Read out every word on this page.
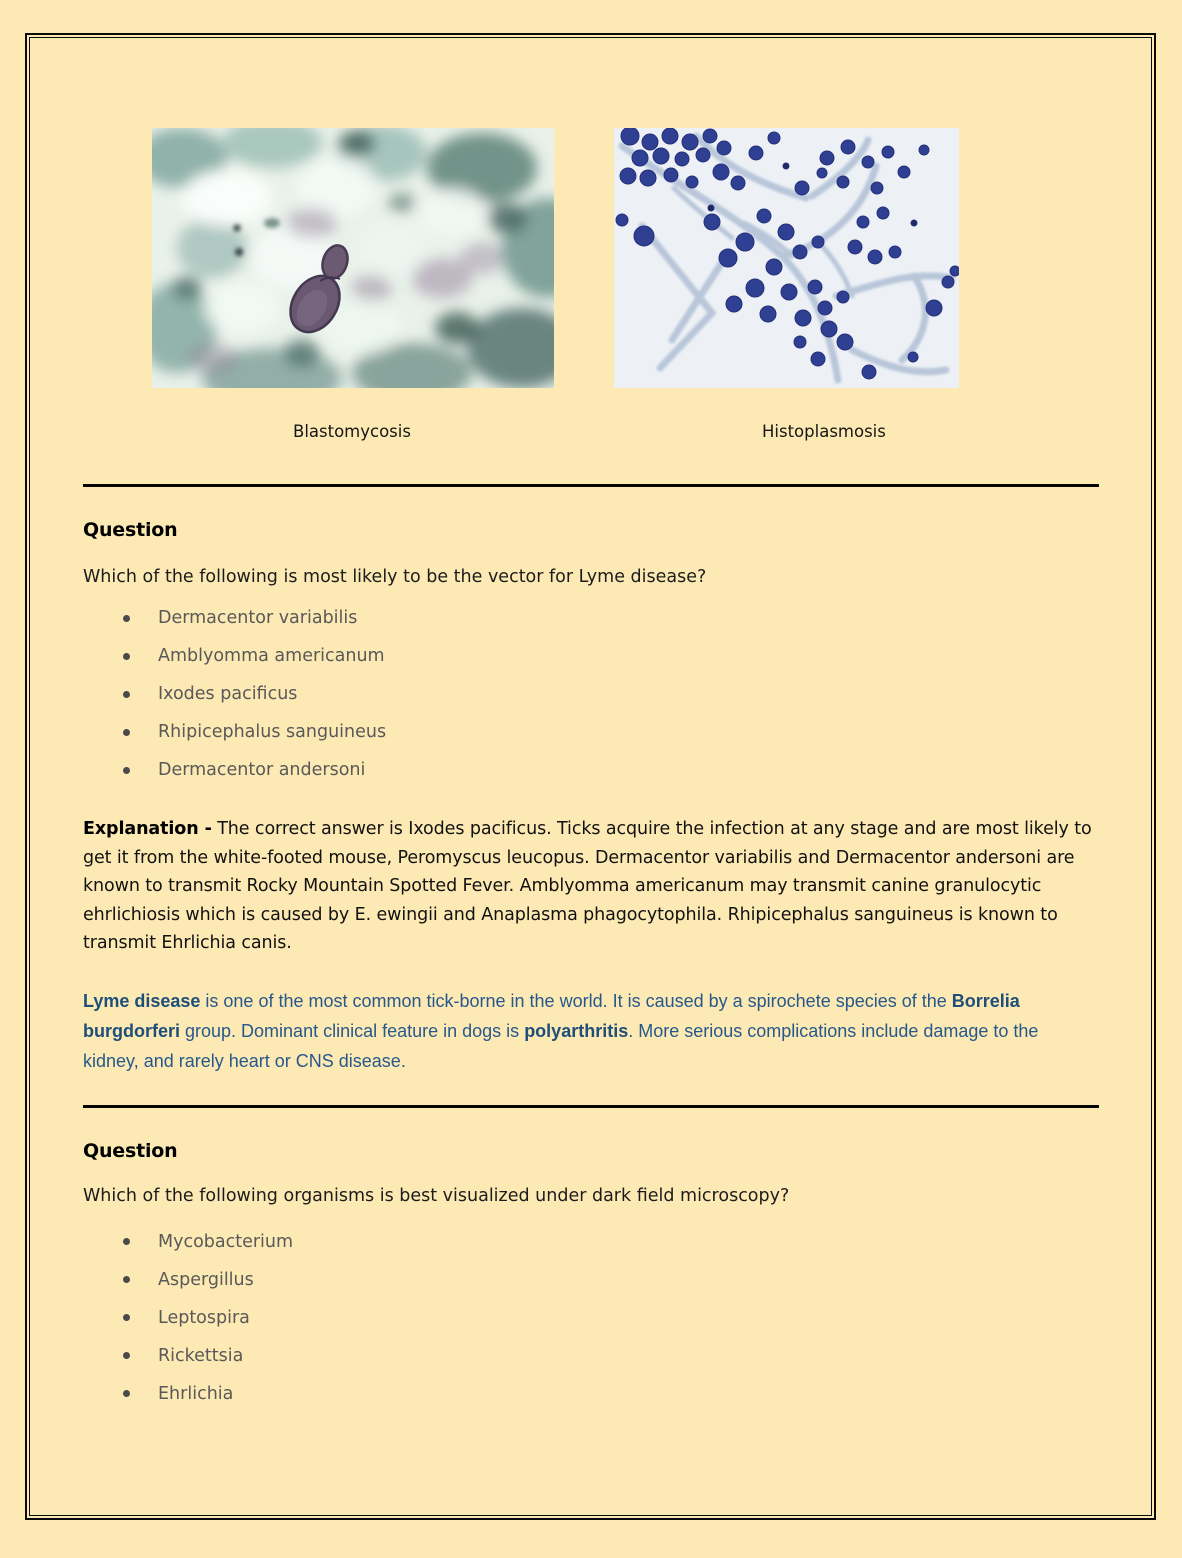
Blastomycosis	Histoplasmosis
Question

Which of the following is most likely to be the vector for Lyme disease?

Dermacentor variabilis
Amblyomma americanum
Ixodes pacificus
Rhipicephalus sanguineus
Dermacentor andersoni

Explanation - The correct answer is Ixodes pacificus. Ticks acquire the infection at any stage and are most likely to get it from the white-footed mouse, Peromyscus leucopus. Dermacentor variabilis and Dermacentor andersoni are known to transmit Rocky Mountain Spotted Fever. Amblyomma americanum may transmit canine granulocytic ehrlichiosis which is caused by E. ewingii and Anaplasma phagocytophila. Rhipicephalus sanguineus is known to transmit Ehrlichia canis.

Lyme disease is one of the most common tick-borne in the world. It is caused by a spirochete species of the Borrelia burgdorferi group. Dominant clinical feature in dogs is polyarthritis. More serious complications include damage to the kidney, and rarely heart or CNS disease.

Question

Which of the following organisms is best visualized under dark field microscopy?

Mycobacterium
Aspergillus
Leptospira
Rickettsia
Ehrlichia
